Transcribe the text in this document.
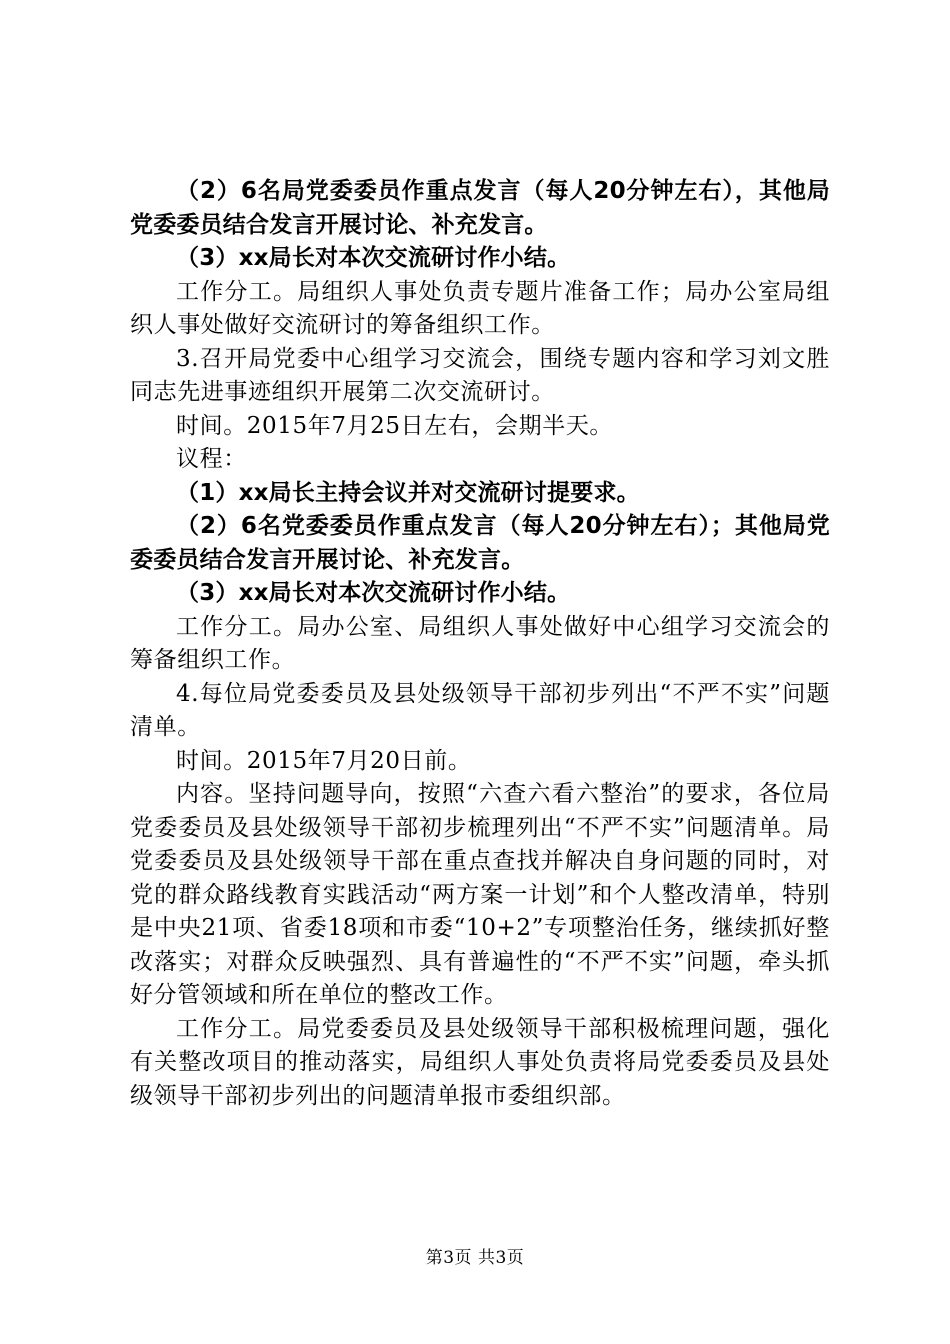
（2）6名局党委委员作重点发言（每人20分钟左右），其他局党委委员结合发言开展讨论、补充发言。

（3）xx局长对本次交流研讨作小结。

工作分工。局组织人事处负责专题片准备工作；局办公室局组织人事处做好交流研讨的筹备组织工作。

3.召开局党委中心组学习交流会，围绕专题内容和学习刘文胜同志先进事迹组织开展第二次交流研讨。

时间。2015年7月25日左右，会期半天。

议程：

（1）xx局长主持会议并对交流研讨提要求。

（2）6名党委委员作重点发言（每人20分钟左右）；其他局党委委员结合发言开展讨论、补充发言。

（3）xx局长对本次交流研讨作小结。

工作分工。局办公室、局组织人事处做好中心组学习交流会的筹备组织工作。

4.每位局党委委员及县处级领导干部初步列出“不严不实”问题清单。

时间。2015年7月20日前。

内容。坚持问题导向，按照“六查六看六整治”的要求，各位局党委委员及县处级领导干部初步梳理列出“不严不实”问题清单。局党委委员及县处级领导干部在重点查找并解决自身问题的同时，对党的群众路线教育实践活动“两方案一计划”和个人整改清单，特别是中央21项、省委18项和市委“10+2”专项整治任务，继续抓好整改落实；对群众反映强烈、具有普遍性的“不严不实”问题，牵头抓好分管领域和所在单位的整改工作。

工作分工。局党委委员及县处级领导干部积极梳理问题，强化有关整改项目的推动落实，局组织人事处负责将局党委委员及县处级领导干部初步列出的问题清单报市委组织部。

第3页 共3页
